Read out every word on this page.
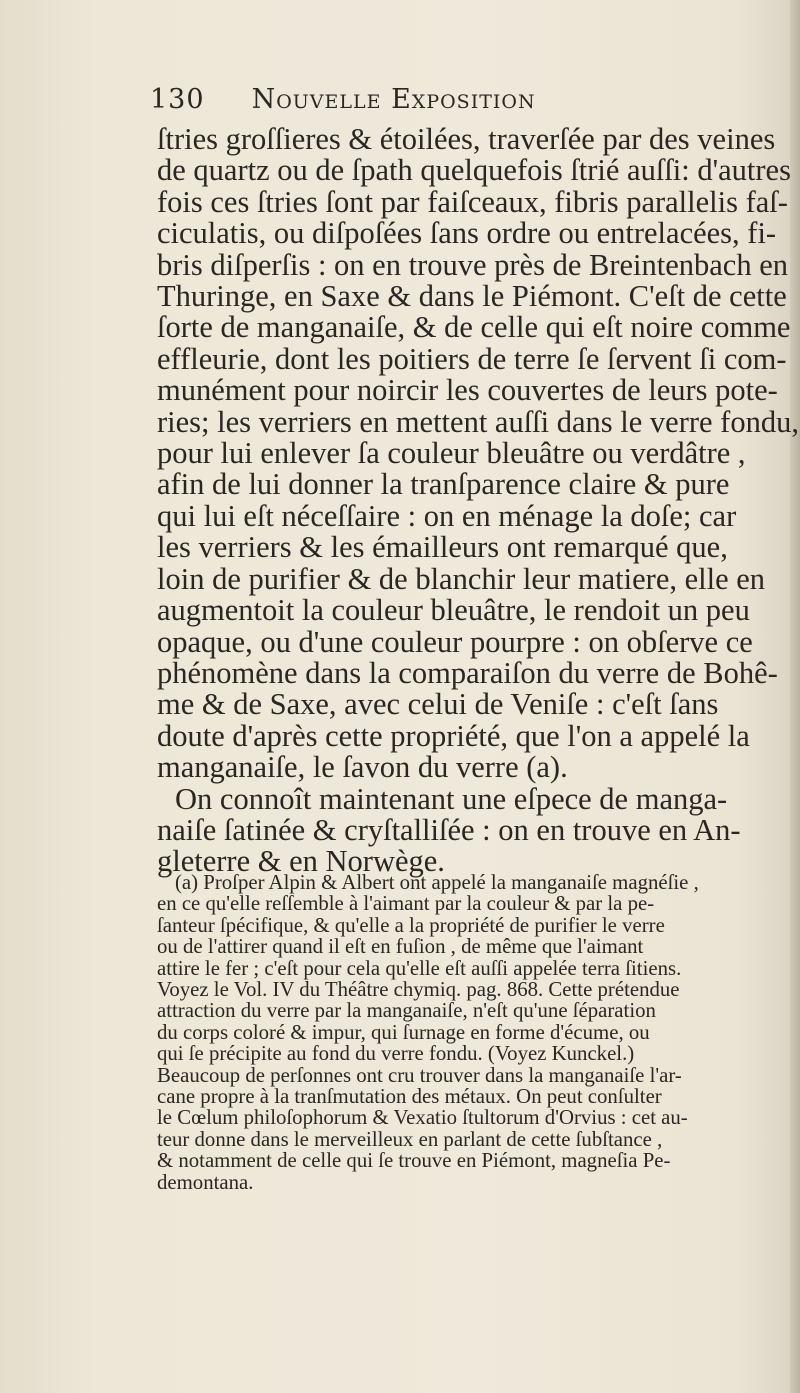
130 Nouvelle Exposition
ſtries groſſieres & étoilées, traverſée par des veines
de quartz ou de ſpath quelquefois ſtrié auſſi: d'autres
fois ces ſtries ſont par faiſceaux, fibris parallelis faſ-
ciculatis, ou diſpoſées ſans ordre ou entrelacées, fi-
bris diſperſis : on en trouve près de Breintenbach en
Thuringe, en Saxe & dans le Piémont. C'eſt de cette
ſorte de manganaiſe, & de celle qui eſt noire comme
effleurie, dont les poitiers de terre ſe ſervent ſi com-
munément pour noircir les couvertes de leurs pote-
ries; les verriers en mettent auſſi dans le verre fondu,
pour lui enlever ſa couleur bleuâtre ou verdâtre ,
afin de lui donner la tranſparence claire & pure
qui lui eſt néceſſaire : on en ménage la doſe; car
les verriers & les émailleurs ont remarqué que,
loin de purifier & de blanchir leur matiere, elle en
augmentoit la couleur bleuâtre, le rendoit un peu
opaque, ou d'une couleur pourpre : on obſerve ce
phénomène dans la comparaiſon du verre de Bohê-
me & de Saxe, avec celui de Veniſe : c'eſt ſans
doute d'après cette propriété, que l'on a appelé la
manganaiſe, le ſavon du verre (a).
On connoît maintenant une eſpece de manga-
naiſe ſatinée & cryſtalliſée : on en trouve en An-
gleterre & en Norwège.
(a) Proſper Alpin & Albert ont appelé la manganaiſe magnéſie ,
en ce qu'elle reſſemble à l'aimant par la couleur & par la pe-
ſanteur ſpécifique, & qu'elle a la propriété de purifier le verre
ou de l'attirer quand il eſt en fuſion , de même que l'aimant
attire le fer ; c'eſt pour cela qu'elle eſt auſſi appelée terra ſitiens.
Voyez le Vol. IV du Théâtre chymiq. pag. 868. Cette prétendue
attraction du verre par la manganaiſe, n'eſt qu'une ſéparation
du corps coloré & impur, qui ſurnage en forme d'écume, ou
qui ſe précipite au fond du verre fondu. (Voyez Kunckel.)
Beaucoup de perſonnes ont cru trouver dans la manganaiſe l'ar-
cane propre à la tranſmutation des métaux. On peut conſulter
le Cœlum philoſophorum & Vexatio ſtultorum d'Orvius : cet au-
teur donne dans le merveilleux en parlant de cette ſubſtance ,
& notamment de celle qui ſe trouve en Piémont, magneſia Pe-
demontana.
